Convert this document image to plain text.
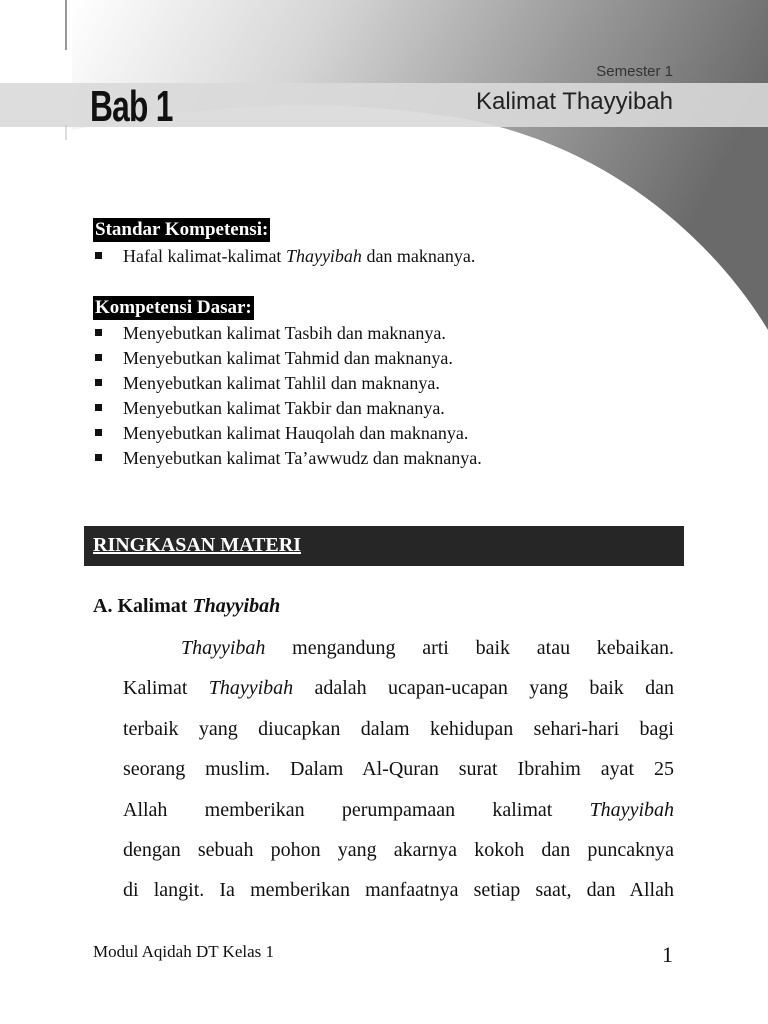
Semester 1
Bab 1	Kalimat Thayyibah
Standar Kompetensi:
Hafal kalimat-kalimat Thayyibah dan maknanya.
Kompetensi Dasar:
Menyebutkan kalimat Tasbih dan maknanya.
Menyebutkan kalimat Tahmid dan maknanya.
Menyebutkan kalimat Tahlil dan maknanya.
Menyebutkan kalimat Takbir dan maknanya.
Menyebutkan kalimat Hauqolah dan maknanya.
Menyebutkan kalimat Ta’awwudz dan maknanya.
RINGKASAN MATERI
A. Kalimat Thayyibah
Thayyibah mengandung arti baik atau kebaikan.
Kalimat Thayyibah adalah ucapan-ucapan yang baik dan
terbaik yang diucapkan dalam kehidupan sehari-hari bagi
seorang muslim. Dalam Al-Quran surat Ibrahim ayat 25
Allah memberikan perumpamaan kalimat Thayyibah
dengan sebuah pohon yang akarnya kokoh dan puncaknya
di langit. Ia memberikan manfaatnya setiap saat, dan Allah
Modul Aqidah DT Kelas 1	1
